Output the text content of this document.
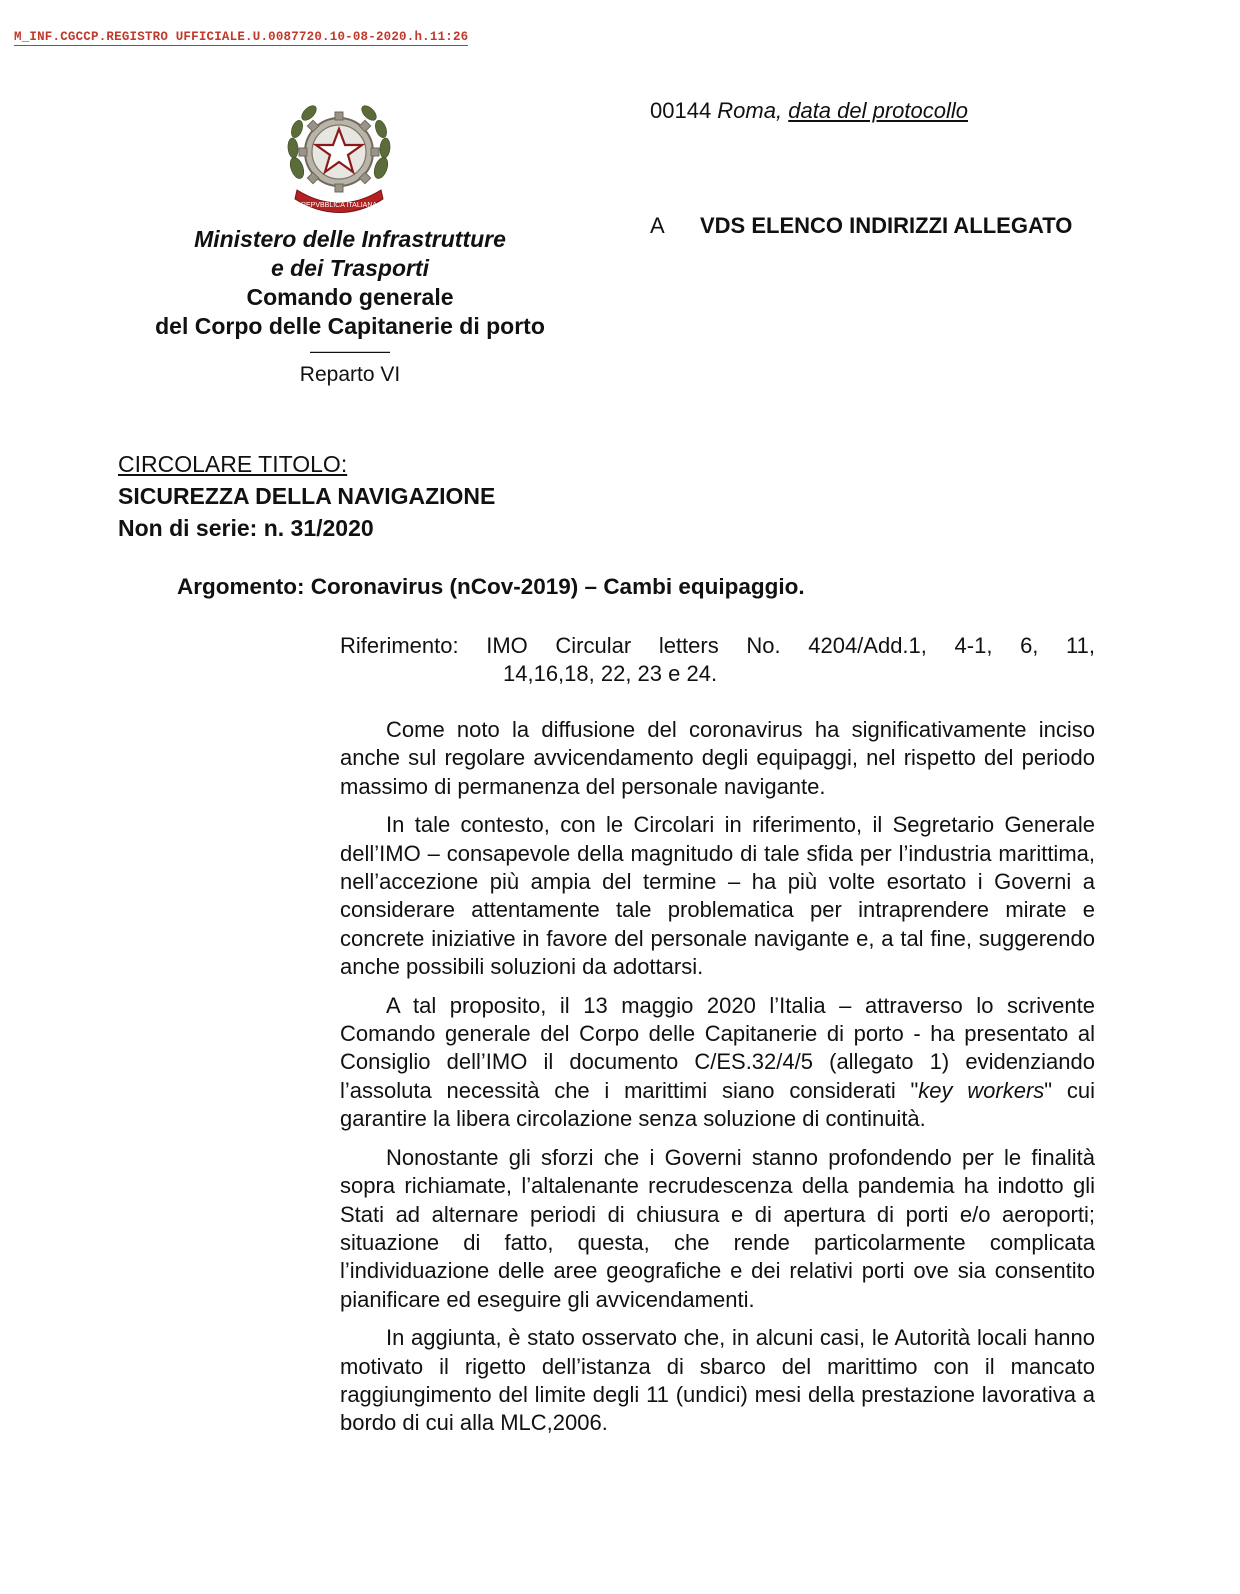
M_INF.CGCCP.REGISTRO UFFICIALE.U.0087720.10-08-2020.h.11:26
REPVBBLICA ITALIANA
00144 Roma, data del protocollo
A VDS ELENCO INDIRIZZI ALLEGATO
Ministero delle Infrastrutture
e dei Trasporti
Comando generale
del Corpo delle Capitanerie di porto
––––––––
Reparto VI
CIRCOLARE TITOLO:
SICUREZZA DELLA NAVIGAZIONE
Non di serie: n. 31/2020
Argomento: Coronavirus (nCov-2019) – Cambi equipaggio.
Riferimento: IMO Circular letters No. 4204/Add.1, 4-1, 6, 11,
14,16,18, 22, 23 e 24.

Come noto la diffusione del coronavirus ha significativamente inciso anche sul regolare avvicendamento degli equipaggi, nel rispetto del periodo massimo di permanenza del personale navigante.

In tale contesto, con le Circolari in riferimento, il Segretario Generale dell’IMO – consapevole della magnitudo di tale sfida per l’industria marittima, nell’accezione più ampia del termine – ha più volte esortato i Governi a considerare attentamente tale problematica per intraprendere mirate e concrete iniziative in favore del personale navigante e, a tal fine, suggerendo anche possibili soluzioni da adottarsi.

A tal proposito, il 13 maggio 2020 l’Italia – attraverso lo scrivente Comando generale del Corpo delle Capitanerie di porto - ha presentato al Consiglio dell’IMO il documento C/ES.32/4/5 (allegato 1) evidenziando l’assoluta necessità che i marittimi siano considerati "key workers" cui garantire la libera circolazione senza soluzione di continuità.

Nonostante gli sforzi che i Governi stanno profondendo per le finalità sopra richiamate, l’altalenante recrudescenza della pandemia ha indotto gli Stati ad alternare periodi di chiusura e di apertura di porti e/o aeroporti; situazione di fatto, questa, che rende particolarmente complicata l’individuazione delle aree geografiche e dei relativi porti ove sia consentito pianificare ed eseguire gli avvicendamenti.

In aggiunta, è stato osservato che, in alcuni casi, le Autorità locali hanno motivato il rigetto dell’istanza di sbarco del marittimo con il mancato raggiungimento del limite degli 11 (undici) mesi della prestazione lavorativa a bordo di cui alla MLC,2006.
